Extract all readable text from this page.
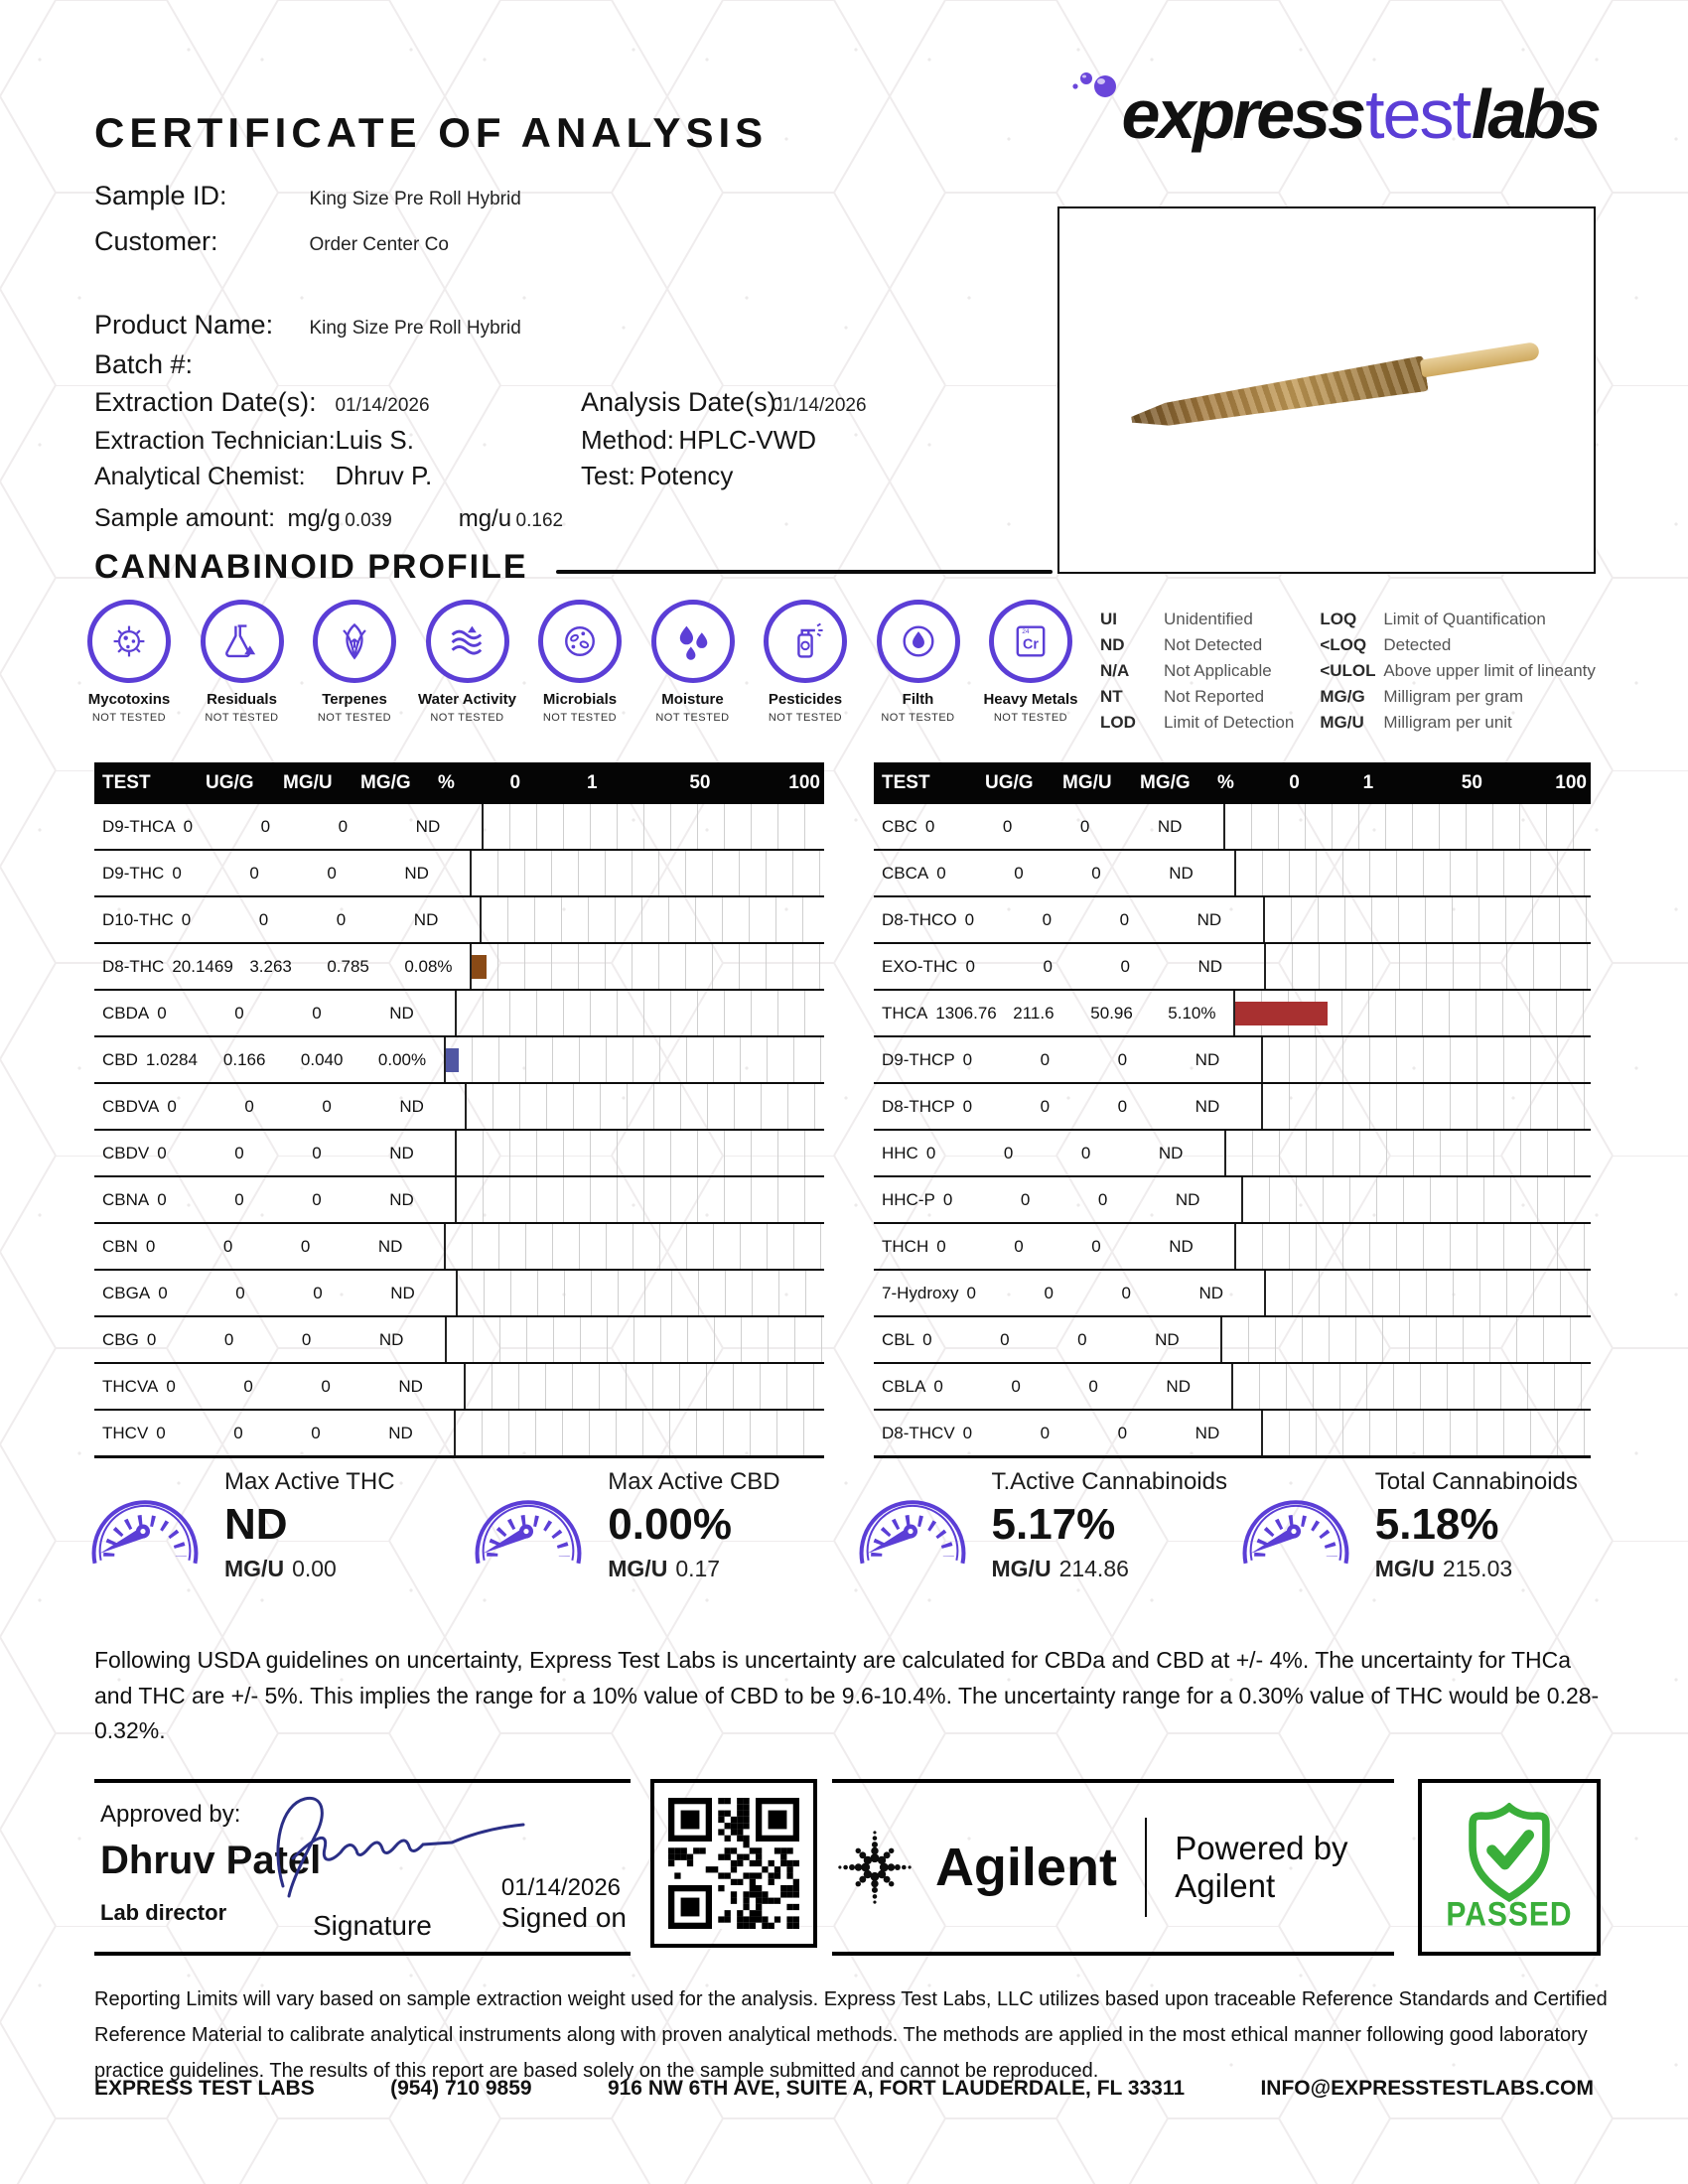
CERTIFICATE OF ANALYSIS	express test labs
Sample ID:	King Size Pre Roll Hybrid
Customer:	Order Center Co
Product Name: King Size Pre Roll Hybrid
Batch #:
Extraction Date(s): 01/14/2026	Analysis Date(s): 01/14/2026
Extraction Technician: Luis S.	Method: HPLC-VWD
Analytical Chemist: Dhruv P.	Test: Potency
Sample amount: mg/g 0.039	mg/u 0.162
CANNABINOID PROFILE
Mycotoxins
NOT TESTED
Residuals
NOT TESTED
Terpenes
NOT TESTED
Water Activity
NOT TESTED
Microbials
NOT TESTED
Moisture
NOT TESTED
Pesticides
NOT TESTED
Filth
NOT TESTED
24
Cr
Heavy Metals
NOT TESTED
UI	Unidentified
ND	Not Detected
N/A	Not Applicable
NT	Not Reported
LOD	Limit of Detection
LOQ	Limit of Quantification
<LOQ	Detected
<ULOL Above upper limit of lineanty
MG/G	Milligram per gram
MG/U	Milligram per unit
TEST	UG/G	MG/U	MG/G	%	0	1	50	100
D9-THCA 0	0	0	ND
D9-THC 0	0	0	ND
D10-THC 0	0	0	ND
D8-THC 20.1469 3.263	0.785	0.08%
CBDA 0	0	0	ND
CBD 1.0284	0.166	0.040	0.00%
CBDVA 0	0	0	ND
CBDV 0	0	0	ND
CBNA 0	0	0	ND
CBN 0	0	0	ND
CBGA 0	0	0	ND
CBG 0	0	0	ND
THCVA 0	0	0	ND
THCV 0	0	0	ND
TEST	UG/G	MG/U	MG/G	%	0	1	50	100
CBC 0	0	0	ND
CBCA 0	0	0	ND
D8-THCO 0	0	0	ND
EXO-THC 0	0	0	ND
THCA 1306.76 211.6	50.96	5.10%
D9-THCP 0	0	0	ND
D8-THCP 0	0	0	ND
HHC 0	0	0	ND
HHC-P 0	0	0	ND
THCH 0	0	0	ND
7-Hydroxy 0	0	0	ND
CBL 0	0	0	ND
CBLA 0	0	0	ND
D8-THCV 0	0	0	ND
Max Active THC
ND
MG/U 0.00
Max Active CBD
0.00%
MG/U 0.17
T.Active Cannabinoids
5.17%
MG/U 214.86
Total Cannabinoids
5.18%
MG/U 215.03
Following USDA guidelines on uncertainty, Express Test Labs is uncertainty are calculated for CBDa and CBD at +/- 4%. The uncertainty for THCa and THC are +/- 5%. This implies the range for a 10% value of CBD to be 9.6-10.4%. The uncertainty range for a 0.30% value of THC would be 0.28-0.32%.
Approved by:
Dhruv Patel
Lab director	Signature
01/14/2026
Signed on
Agilent Powered by Agilent
PASSED
Reporting Limits will vary based on sample extraction weight used for the analysis. Express Test Labs, LLC utilizes based upon traceable Reference Standards and Certified Reference Material to calibrate analytical instruments along with proven analytical methods. The methods are applied in the most ethical manner following good laboratory practice guidelines. The results of this report are based solely on the sample submitted and cannot be reproduced.
EXPRESS TEST LABS	(954) 710 9859	916 NW 6TH AVE, SUITE A, FORT LAUDERDALE, FL 33311	INFO@EXPRESSTESTLABS.COM
